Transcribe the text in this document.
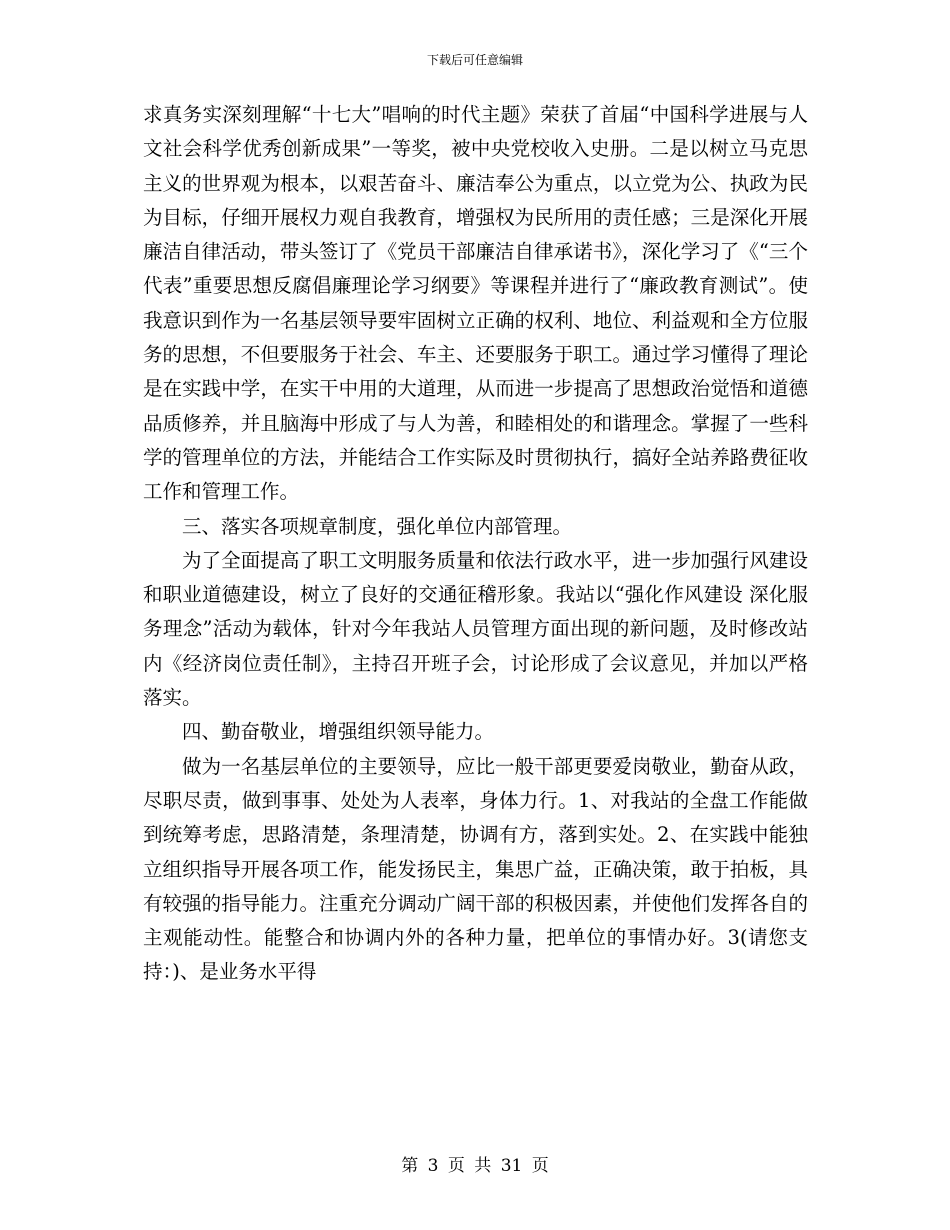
下载后可任意编辑

求真务实深刻理解“十七大”唱响的时代主题》荣获了首届“中国科学进展与人文社会科学优秀创新成果”一等奖，被中央党校收入史册。二是以树立马克思主义的世界观为根本，以艰苦奋斗、廉洁奉公为重点，以立党为公、执政为民为目标，仔细开展权力观自我教育，增强权为民所用的责任感；三是深化开展廉洁自律活动，带头签订了《党员干部廉洁自律承诺书》，深化学习了《“三个代表”重要思想反腐倡廉理论学习纲要》等课程并进行了“廉政教育测试”。使我意识到作为一名基层领导要牢固树立正确的权利、地位、利益观和全方位服务的思想，不但要服务于社会、车主、还要服务于职工。通过学习懂得了理论是在实践中学，在实干中用的大道理，从而进一步提高了思想政治觉悟和道德品质修养，并且脑海中形成了与人为善，和睦相处的和谐理念。掌握了一些科学的管理单位的方法，并能结合工作实际及时贯彻执行，搞好全站养路费征收工作和管理工作。

三、落实各项规章制度，强化单位内部管理。

为了全面提高了职工文明服务质量和依法行政水平，进一步加强行风建设和职业道德建设，树立了良好的交通征稽形象。我站以“强化作风建设 深化服务理念”活动为载体，针对今年我站人员管理方面出现的新问题，及时修改站内《经济岗位责任制》，主持召开班子会，讨论形成了会议意见，并加以严格落实。

四、勤奋敬业，增强组织领导能力。

做为一名基层单位的主要领导，应比一般干部更要爱岗敬业，勤奋从政，尽职尽责，做到事事、处处为人表率，身体力行。1、对我站的全盘工作能做到统筹考虑，思路清楚，条理清楚，协调有方，落到实处。2、在实践中能独立组织指导开展各项工作，能发扬民主，集思广益，正确决策，敢于拍板，具有较强的指导能力。注重充分调动广阔干部的积极因素，并使他们发挥各自的主观能动性。能整合和协调内外的各种力量，把单位的事情办好。3(请您支持：)、是业务水平得

第 3 页 共 31 页
